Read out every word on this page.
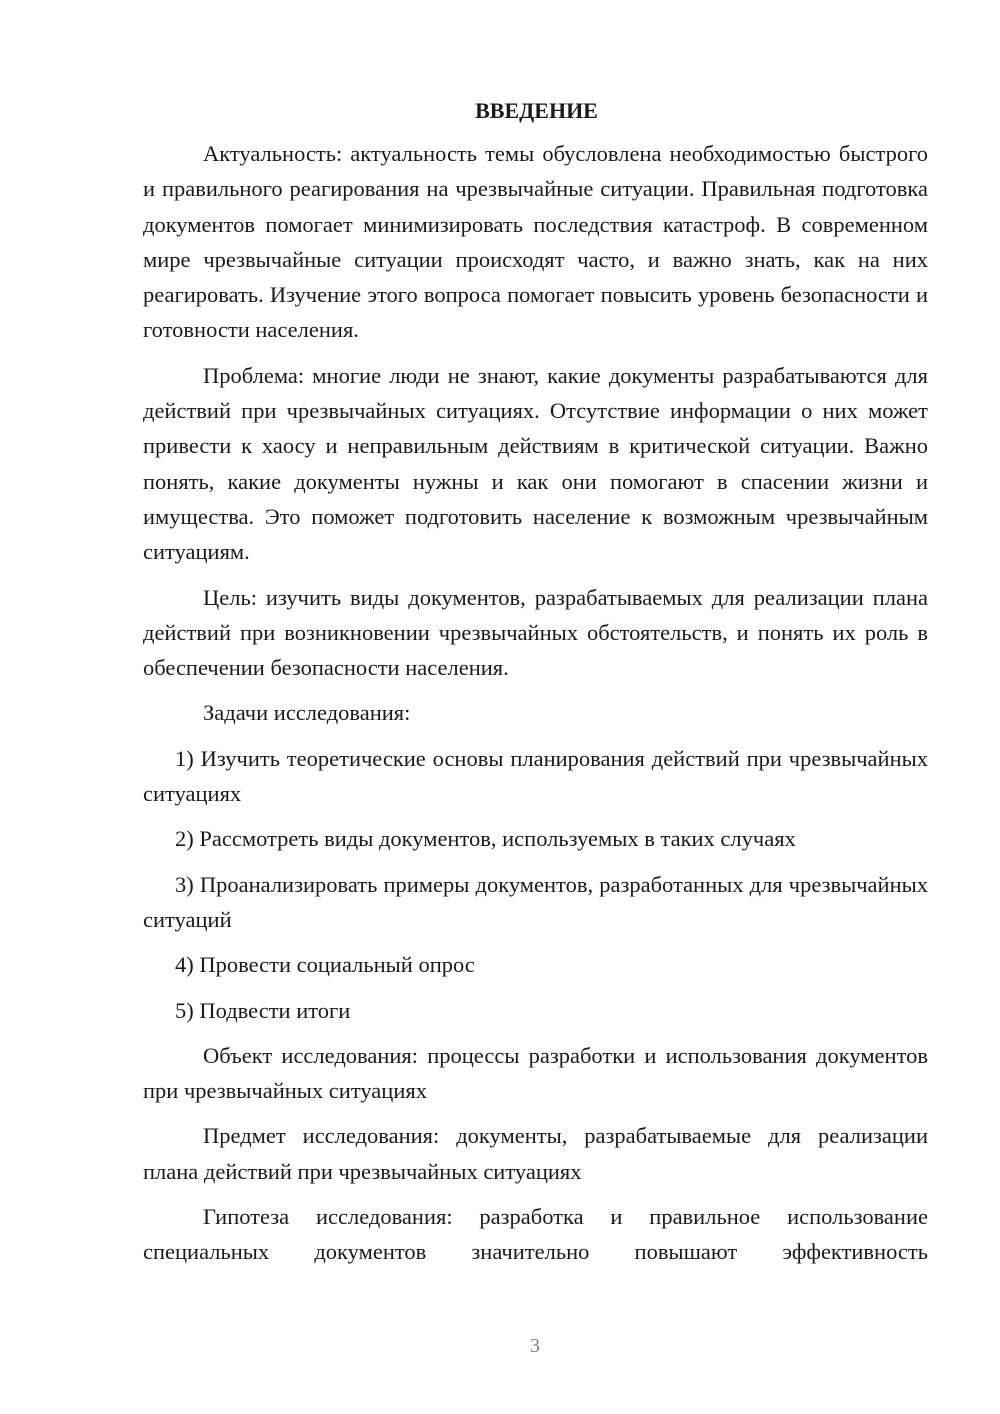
ВВЕДЕНИЕ

Актуальность: актуальность темы обусловлена необходимостью быстрого и правильного реагирования на чрезвычайные ситуации. Правильная подготовка документов помогает минимизировать последствия катастроф. В современном мире чрезвычайные ситуации происходят часто, и важно знать, как на них реагировать. Изучение этого вопроса помогает повысить уровень безопасности и готовности населения.

Проблема: многие люди не знают, какие документы разрабатываются для действий при чрезвычайных ситуациях. Отсутствие информации о них может привести к хаосу и неправильным действиям в критической ситуации. Важно понять, какие документы нужны и как они помогают в спасении жизни и имущества. Это поможет подготовить население к возможным чрезвычайным ситуациям.

Цель: изучить виды документов, разрабатываемых для реализации плана действий при возникновении чрезвычайных обстоятельств, и понять их роль в обеспечении безопасности населения.

Задачи исследования:

1) Изучить теоретические основы планирования действий при чрезвычайных ситуациях

2) Рассмотреть виды документов, используемых в таких случаях

3) Проанализировать примеры документов, разработанных для чрезвычайных ситуаций

4) Провести социальный опрос

5) Подвести итоги

Объект исследования: процессы разработки и использования документов при чрезвычайных ситуациях

Предмет исследования: документы, разрабатываемые для реализации плана действий при чрезвычайных ситуациях

Гипотеза исследования: разработка и правильное использование специальных документов значительно повышают эффективность

3
